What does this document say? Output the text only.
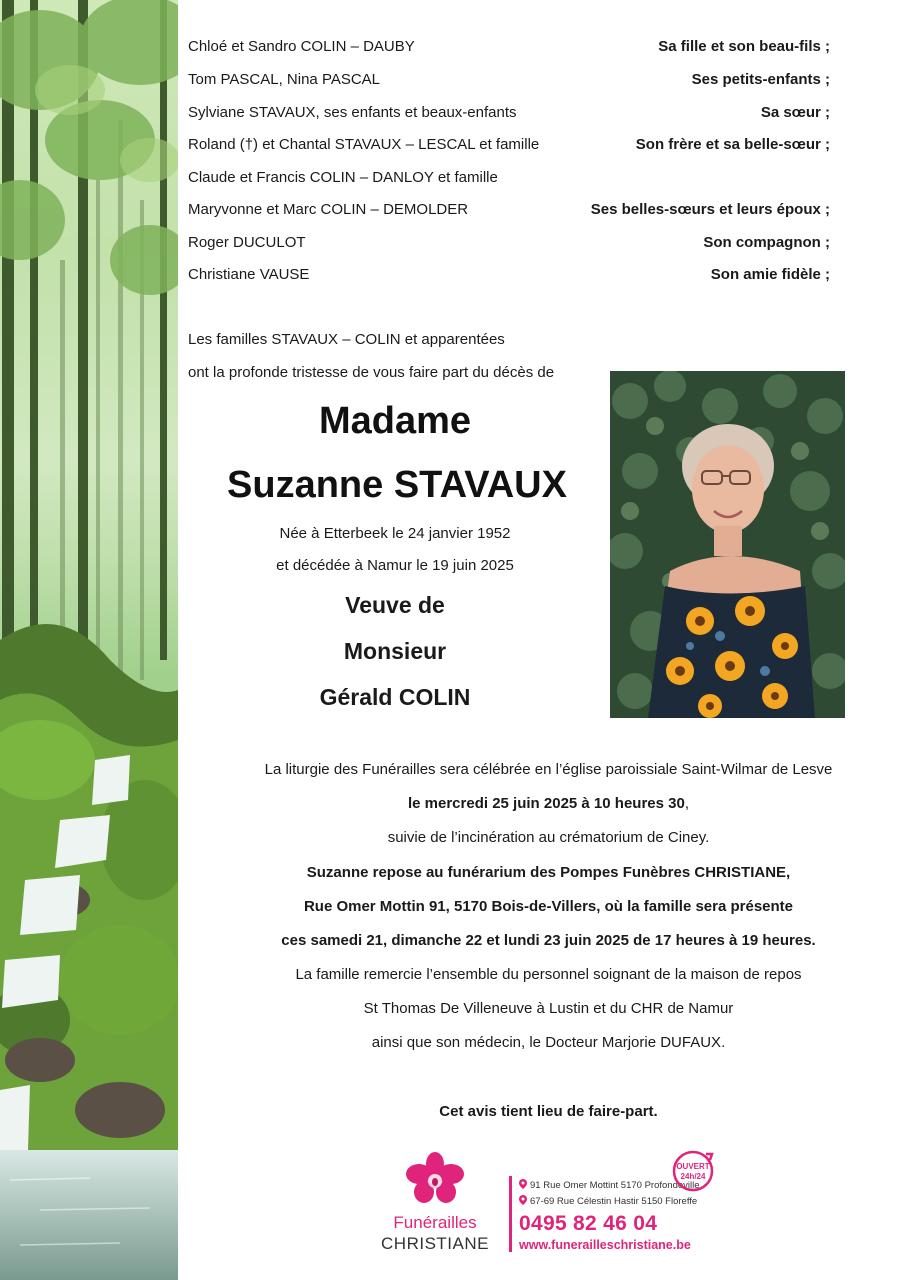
Chloé et Sandro COLIN – DAUBY	Sa fille et son beau-fils ;
Tom PASCAL, Nina PASCAL	Ses petits-enfants ;
Sylviane STAVAUX, ses enfants et beaux-enfants	Sa sœur ;
Roland (†) et Chantal STAVAUX – LESCAL et famille	Son frère et sa belle-sœur ;
Claude et Francis COLIN – DANLOY et famille
Maryvonne et Marc COLIN – DEMOLDER	Ses belles-sœurs et leurs époux ;
Roger DUCULOT	Son compagnon ;
Christiane VAUSE	Son amie fidèle ;
Les familles STAVAUX – COLIN et apparentées
ont la profonde tristesse de vous faire part du décès de
Madame
Suzanne STAVAUX
Née à Etterbeek le 24 janvier 1952
et décédée à Namur le 19 juin 2025
Veuve de
Monsieur
Gérald COLIN
La liturgie des Funérailles sera célébrée en l’église paroissiale Saint-Wilmar de Lesve
le mercredi 25 juin 2025 à 10 heures 30,
suivie de l’incinération au crématorium de Ciney.
Suzanne repose au funérarium des Pompes Funèbres CHRISTIANE,
Rue Omer Mottin 91, 5170 Bois-de-Villers, où la famille sera présente
ces samedi 21, dimanche 22 et lundi 23 juin 2025 de 17 heures à 19 heures.
La famille remercie l’ensemble du personnel soignant de la maison de repos
St Thomas De Villeneuve à Lustin et du CHR de Namur
ainsi que son médecin, le Docteur Marjorie DUFAUX.
Cet avis tient lieu de faire-part.
Funérailles
CHRISTIANE
91 Rue Omer Mottint 5170 Profondeville
67-69 Rue Célestin Hastir 5150 Floreffe
0495 82 46 04
www.funerailleschristiane.be
OUVERT
24h/24
